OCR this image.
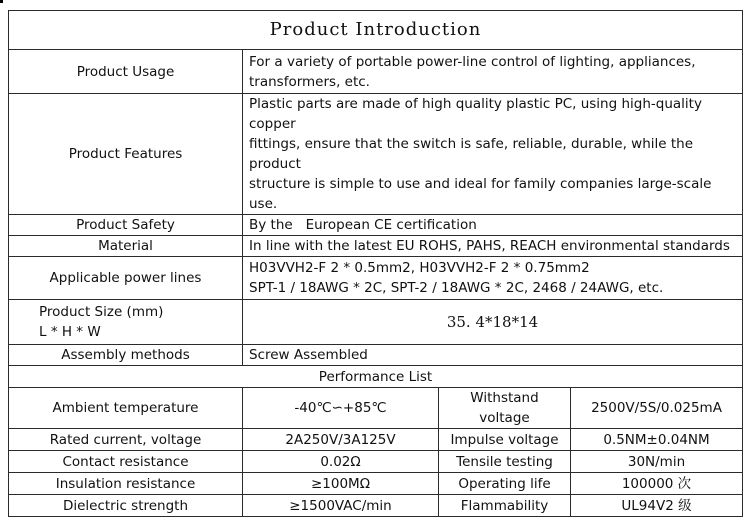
Product Introduction			
Product Usage	For a variety of portable power-line control of lighting, appliances,
transformers, etc.		

Product Features	Plastic parts are made of high quality plastic PC, using high-quality copper
fittings, ensure that the switch is safe, reliable, durable, while the product
structure is simple to use and ideal for family companies large-scale use.		

Product Safety	By the   European CE certification		

Material	In line with the latest EU ROHS, PAHS, REACH environmental standards		

Applicable power lines	H03VVH2-F 2 * 0.5mm2, H03VVH2-F 2 * 0.75mm2
SPT-1 / 18AWG * 2C, SPT-2 / 18AWG * 2C, 2468 / 24AWG, etc.		

Product Size (mm)
L * H * W	35. 4*18*14		
Assembly methods	Screw Assembled		

Performance List			
Ambient temperature	-40℃∽+85℃	Withstand voltage	2500V/5S/0.025mA
Rated current, voltage	2A250V/3A125V	Impulse voltage	0.5NM±0.04NM
Contact resistance	0.02Ω	Tensile testing	30N/min
Insulation resistance	≥100MΩ	Operating life	100000 次
Dielectric strength	≥1500VAC/min	Flammability	UL94V2 级
